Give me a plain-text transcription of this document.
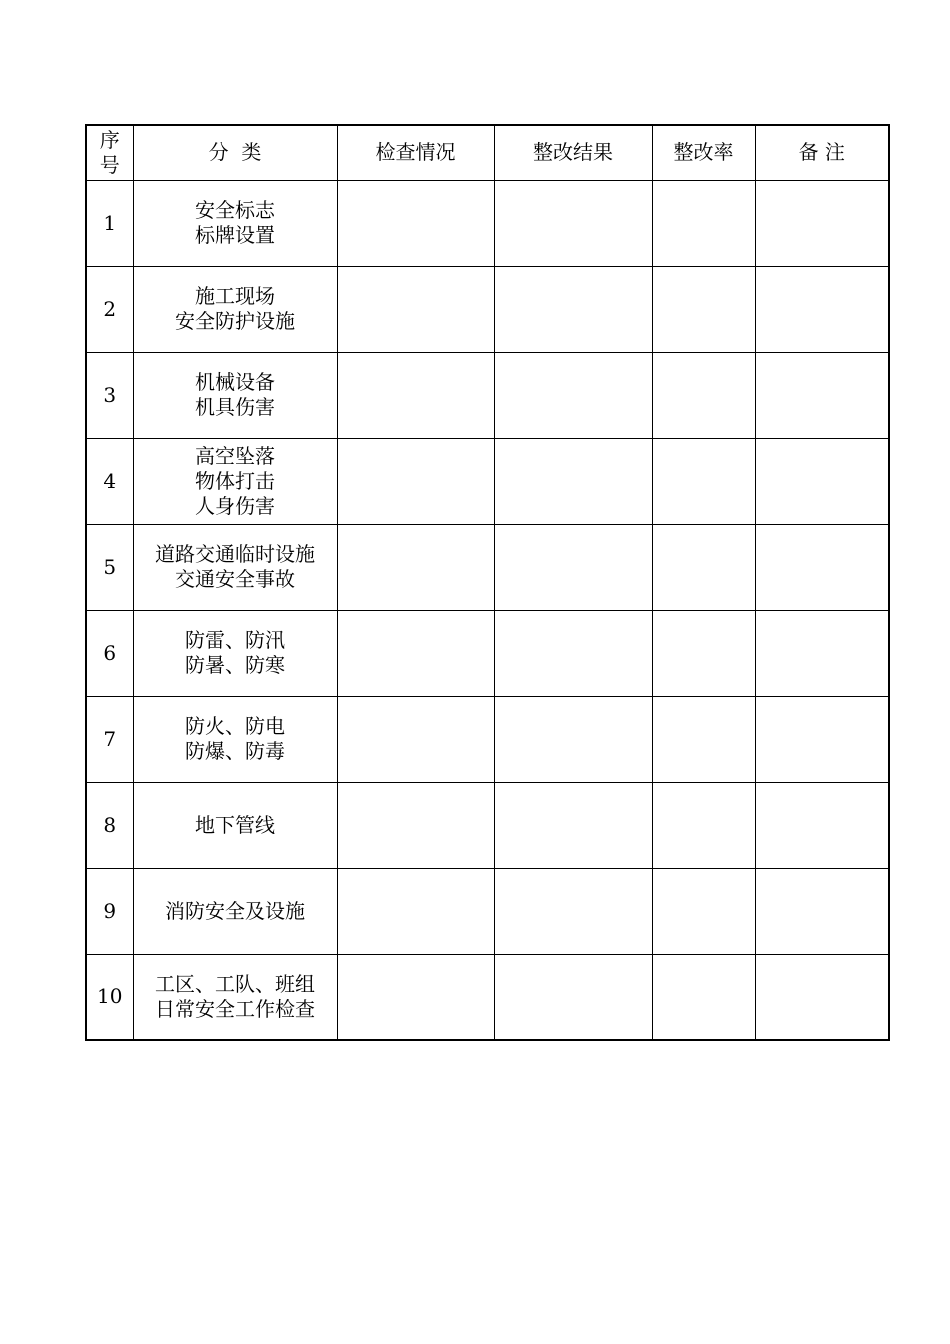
序
号	分  类	检查情况	整改结果	整改率	备 注
1	安全标志
标牌设置				

2	施工现场
安全防护设施				

3	机械设备
机具伤害				

4	高空坠落
物体打击
人身伤害				

5	道路交通临时设施
交通安全事故				

6	防雷、防汛
防暑、防寒				

7	防火、防电
防爆、防毒				

8	地下管线				

9	消防安全及设施				

10	工区、工队、班组
日常安全工作检查				
